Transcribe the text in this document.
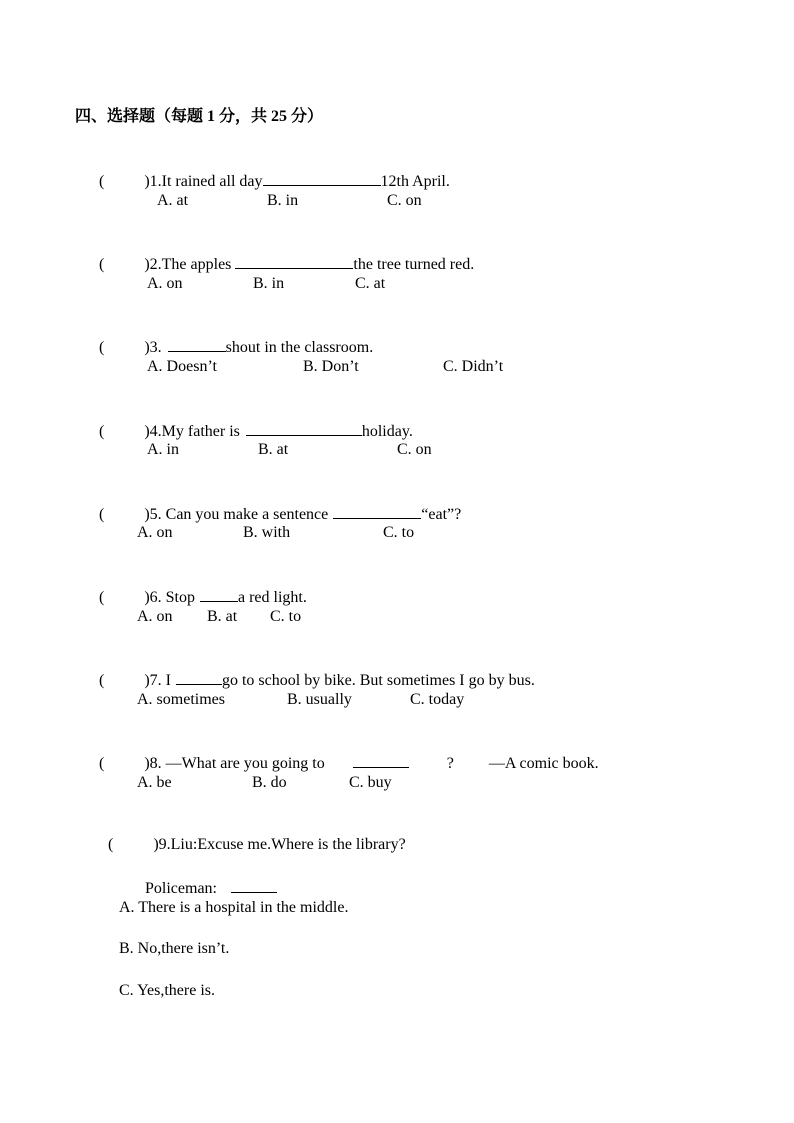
四、选择题（每题 1 分，共 25 分）

(	)1.It rained all day	12th April.

A. at	B. in	C. on

(	)2.The apples	the tree turned red.

A. on	B. in	C. at

(	)3.	shout in the classroom.

A. Doesn’t	B. Don’t	C. Didn’t

(	)4.My father is	holiday.

A. in	B. at	C. on

(	)5. Can you make a sentence	“eat”?

A. on	B. with	C. to

(	)6. Stop	a red light.

A. on B. at C. to

(	)7. I	go to school by bike. But sometimes I go by bus.

A. sometimes	B. usually	C. today

(	)8. —What are you going to	? —A comic book.

A. be	B. do	C. buy

(	)9.Liu:Excuse me.Where is the library?

Policeman:

A. There is a hospital in the middle.
B. No,there isn’t.
C. Yes,there is.
